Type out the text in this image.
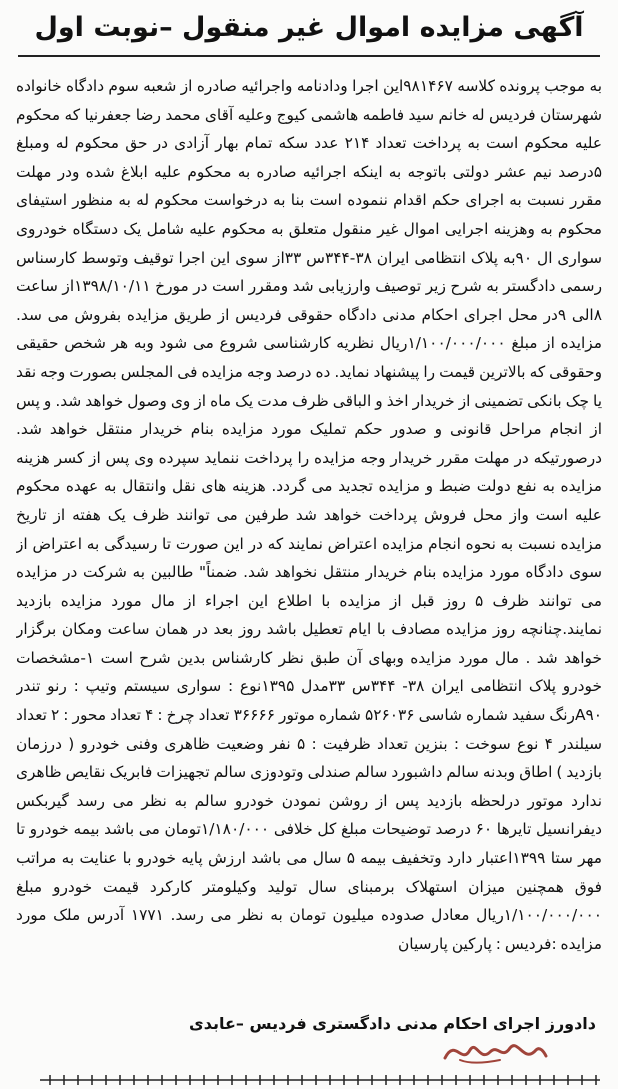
آگهی مزایده اموال غیر منقول –نوبت اول
به موجب پرونده کلاسه ۹۸۱۴۶۷این اجرا ودادنامه واجرائیه صادره از شعبه سوم دادگاه خانواده شهرستان فردیس له خانم سید فاطمه هاشمی کیوج وعلیه آقای محمد رضا جعفرنیا که محکوم علیه محکوم است به پرداخت تعداد ۲۱۴ عدد سکه تمام بهار آزادی در حق محکوم له ومبلغ ۵درصد نیم عشر دولتی باتوجه به اینکه اجرائیه صادره به محکوم علیه ابلاغ شده ودر مهلت مقرر نسبت به اجرای حکم اقدام ننموده است بنا به درخواست محکوم له به منظور استیفای محکوم به وهزینه اجرایی اموال غیر منقول متعلق به محکوم علیه شامل یک دستگاه خودروی سواری ال ۹۰به پلاک انتظامی ایران ۳۸-۳۴۴س ۳۳از سوی این اجرا توقیف وتوسط کارسناس رسمی دادگستر به شرح زیر توصیف وارزیابی شد ومقرر است در مورخ ۱۳۹۸/۱۰/۱۱از ساعت ۸الی ۹در محل اجرای احکام مدنی دادگاه حقوقی فردیس از طریق مزایده بفروش می سد. مزایده از مبلغ ۱/۱۰۰/۰۰۰/۰۰۰ریال نظریه کارشناسی شروع می شود وبه هر شخص حقیقی وحقوقی که بالاترین قیمت را پیشنهاد نماید. ده درصد وجه مزایده فی المجلس بصورت وجه نقد یا چک بانکی تضمینی از خریدار اخذ و الباقی ظرف مدت یک ماه از وی وصول خواهد شد. و پس از انجام مراحل قانونی و صدور حکم تملیک مورد مزایده بنام خریدار منتقل خواهد شد. درصورتیکه در مهلت مقرر خریدار وجه مزایده را پرداخت ننماید سپرده وی پس از کسر هزینه مزایده به نفع دولت ضبط و مزایده تجدید می گردد. هزینه های نقل وانتقال به عهده محکوم علیه است واز محل فروش پرداخت خواهد شد طرفین می توانند ظرف یک هفته از تاریخ مزایده نسبت به نحوه انجام مزایده اعتراض نمایند که در این صورت تا رسیدگی به اعتراض از سوی دادگاه مورد مزایده بنام خریدار منتقل نخواهد شد. ضمناً" طالبین به شرکت در مزایده می توانند ظرف ۵ روز قبل از مزایده با اطلاع این اجراء از مال مورد مزایده بازدید نمایند.چنانچه روز مزایده مصادف با ایام تعطیل باشد روز بعد در همان ساعت ومکان برگزار خواهد شد . مال مورد مزایده وبهای آن طبق نظر کارشناس بدین شرح است ۱-مشخصات خودرو پلاک انتظامی ایران ۳۸- ۳۴۴س ۳۳مدل ۱۳۹۵نوع : سواری سیستم وتیپ : رنو تندر A۹۰رنگ سفید شماره شاسی ۵۲۶۰۳۶ شماره موتور ۳۶۶۶۶ تعداد چرخ : ۴ تعداد محور : ۲ تعداد سیلندر ۴ نوع سوخت : بنزین تعداد ظرفیت : ۵ نفر وضعیت ظاهری وفنی خودرو ( درزمان بازدید ) اطاق وبدنه سالم داشبورد سالم صندلی وتودوزی سالم تجهیزات فابریک نقایص ظاهری ندارد موتور درلحظه بازدید پس از روشن نمودن خودرو سالم به نظر می رسد گیربکس دیفرانسیل تایرها ۶۰ درصد توضیحات مبلغ کل خلافی ۱/۱۸۰/۰۰۰تومان می باشد بیمه خودرو تا مهر ستا ۱۳۹۹اعتبار دارد وتخفیف بیمه ۵ سال می باشد ارزش پایه خودرو با عنایت به مراتب فوق همچنین میزان استهلاک برمبنای سال تولید وکیلومتر کارکرد قیمت خودرو مبلغ ۱/۱۰۰/۰۰۰/۰۰۰ریال معادل صدوده میلیون تومان به نظر می رسد. ۱۷۷۱ آدرس ملک مورد مزایده :فردیس : پارکین پارسیان
دادورز اجرای احکام مدنی دادگستری فردیس –عابدی
